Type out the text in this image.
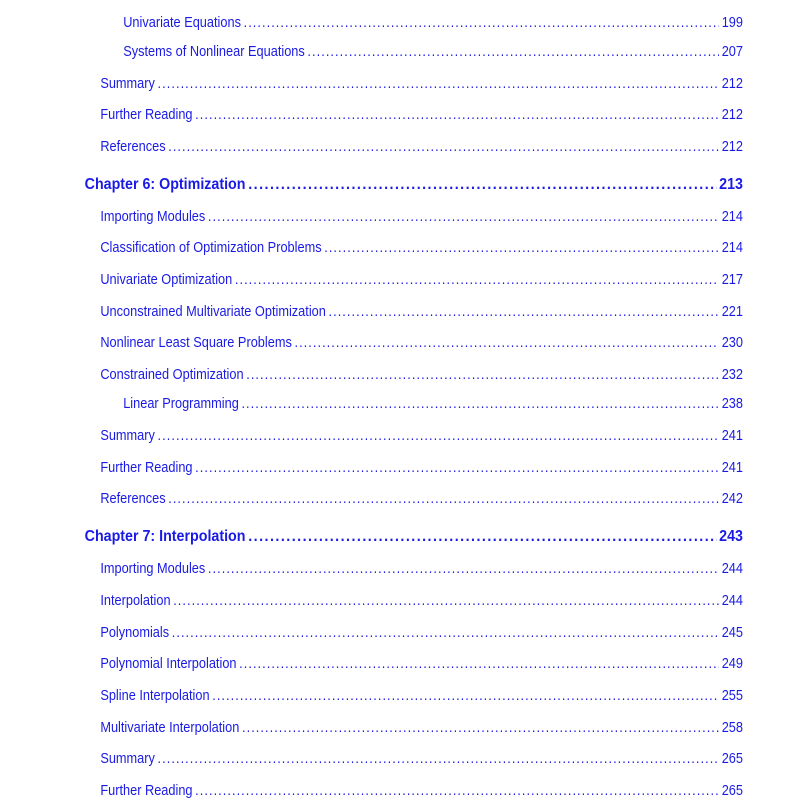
Univariate Equations .....	199
Systems of Nonlinear Equations .....	207
Summary .....	212
Further Reading .....	212
References .....	212
Chapter 6: Optimization .....	213
Importing Modules .....	214
Classification of Optimization Problems .....	214
Univariate Optimization .....	217
Unconstrained Multivariate Optimization .....	221
Nonlinear Least Square Problems .....	230
Constrained Optimization .....	232
Linear Programming .....	238
Summary .....	241
Further Reading .....	241
References .....	242
Chapter 7: Interpolation .....	243
Importing Modules .....	244
Interpolation .....	244
Polynomials .....	245
Polynomial Interpolation .....	249
Spline Interpolation .....	255
Multivariate Interpolation .....	258
Summary .....	265
Further Reading .....	265
